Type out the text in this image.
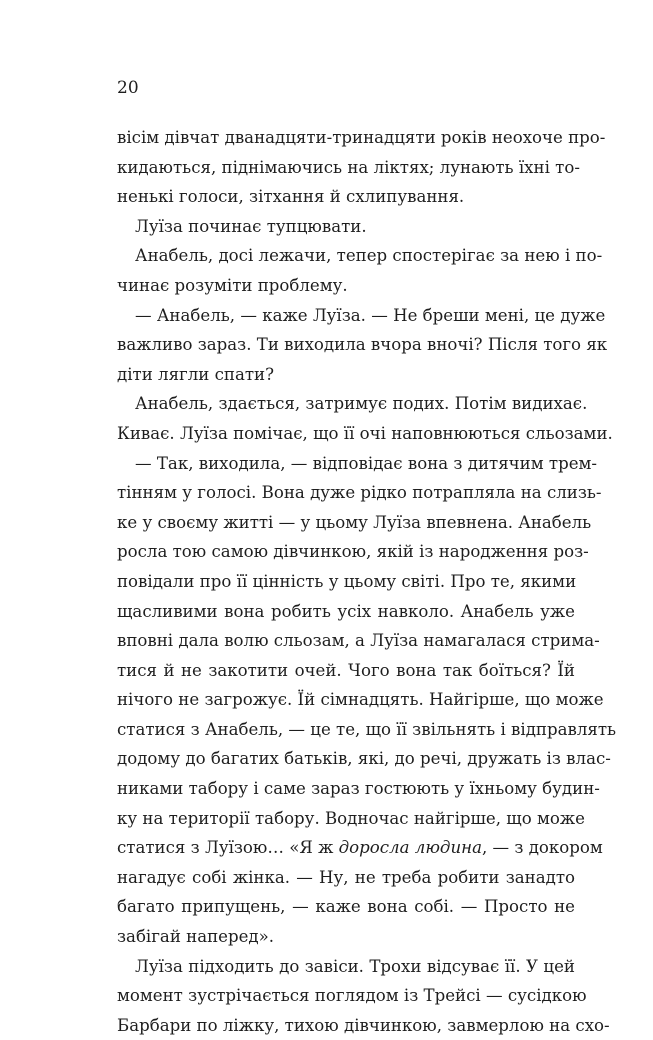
20
вісім дівчат дванадцяти-тринадцяти років неохоче про-
кидаються, піднімаючись на ліктях; лунають їхні то-
ненькі голоси, зітхання й схлипування.
Луїза починає тупцювати.
Анабель, досі лежачи, тепер спостерігає за нею і по-
чинає розуміти проблему.
— Анабель, — каже Луїза. — Не бреши мені, це дуже
важливо зараз. Ти виходила вчора вночі? Після того як
діти лягли спати?
Анабель, здається, затримує подих. Потім видихає.
Киває. Луїза помічає, що її очі наповнюються сльозами.
— Так, виходила, — відповідає вона з дитячим трем-
тінням у голосі. Вона дуже рідко потрапляла на слизь-
ке у своєму житті — у цьому Луїза впевнена. Анабель
росла тою самою дівчинкою, якій із народження роз-
повідали про її цінність у цьому світі. Про те, якими
щасливими вона робить усіх навколо. Анабель уже
вповні дала волю сльозам, а Луїза намагалася стрима-
тися й не закотити очей. Чого вона так боїться? Їй
нічого не загрожує. Їй сімнадцять. Найгірше, що може
статися з Анабель, — це те, що її звільнять і відправлять
додому до багатих батьків, які, до речі, дружать із влас-
никами табору і саме зараз гостюють у їхньому будин-
ку на території табору. Водночас найгірше, що може
статися з Луїзою… «Я ж доросла людина, — з докором
нагадує собі жінка. — Ну, не треба робити занадто
багато припущень, — каже вона собі. — Просто не
забігай наперед».
Луїза підходить до завіси. Трохи відсуває її. У цей
момент зустрічається поглядом із Трейсі — сусідкою
Барбари по ліжку, тихою дівчинкою, завмерлою на схо-
